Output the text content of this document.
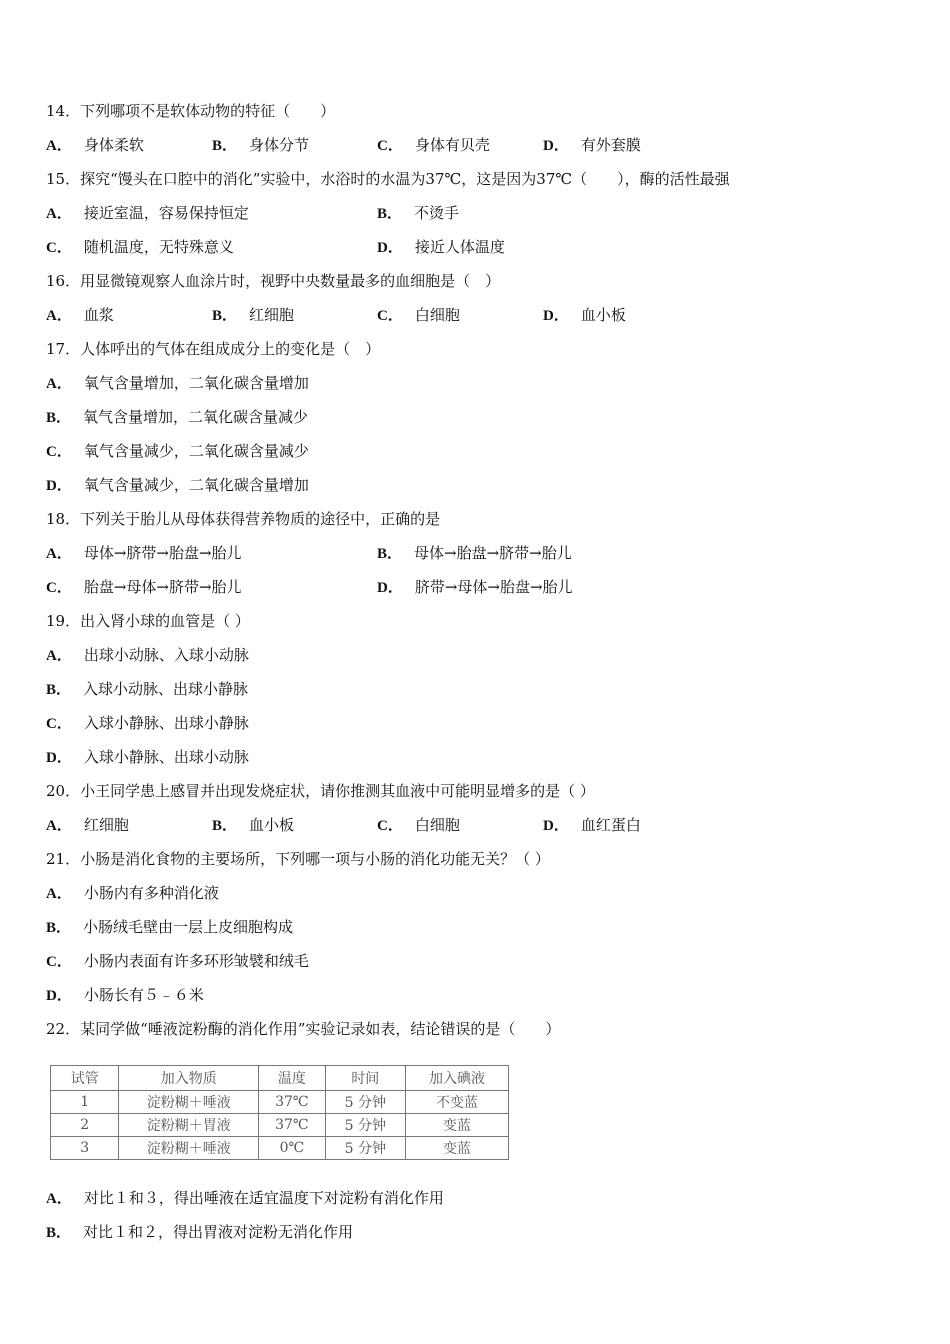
14．下列哪项不是软体动物的特征（　　）
A． 身体柔软	B． 身体分节	C． 身体有贝壳	D． 有外套膜
15．探究“馒头在口腔中的消化”实验中，水浴时的水温为37℃，这是因为37℃（　　），酶的活性最强
A． 接近室温，容易保持恒定	B． 不烫手
C． 随机温度，无特殊意义	D． 接近人体温度
16．用显微镜观察人血涂片时，视野中央数量最多的血细胞是（　）
A． 血浆	B． 红细胞	C． 白细胞	D． 血小板
17．人体呼出的气体在组成成分上的变化是（　）
A． 氧气含量增加，二氧化碳含量增加
B． 氧气含量增加，二氧化碳含量减少
C． 氧气含量减少，二氧化碳含量减少
D． 氧气含量减少，二氧化碳含量增加
18．下列关于胎儿从母体获得营养物质的途径中，正确的是
A． 母体→脐带→胎盘→胎儿	B． 母体→胎盘→脐带→胎儿
C． 胎盘→母体→脐带→胎儿	D． 脐带→母体→胎盘→胎儿
19．出入肾小球的血管是（ ）
A． 出球小动脉、入球小动脉
B． 入球小动脉、出球小静脉
C． 入球小静脉、出球小静脉
D． 入球小静脉、出球小动脉
20．小王同学患上感冒并出现发烧症状，请你推测其血液中可能明显增多的是（ ）
A． 红细胞	B． 血小板	C． 白细胞	D． 血红蛋白
21．小肠是消化食物的主要场所，下列哪一项与小肠的消化功能无关？（ ）
A． 小肠内有多种消化液
B． 小肠绒毛壁由一层上皮细胞构成
C． 小肠内表面有许多环形皱襞和绒毛
D． 小肠长有５﹣６米
22．某同学做“唾液淀粉酶的消化作用”实验记录如表，结论错误的是（　　）
试管	加入物质	温度	时间	加入碘液
1	淀粉糊＋唾液	37℃	5 分钟	不变蓝
2	淀粉糊＋胃液	37℃	5 分钟	变蓝
3	淀粉糊＋唾液	0℃	5 分钟	变蓝
A． 对比１和３，得出唾液在适宜温度下对淀粉有消化作用
B． 对比１和２，得出胃液对淀粉无消化作用
